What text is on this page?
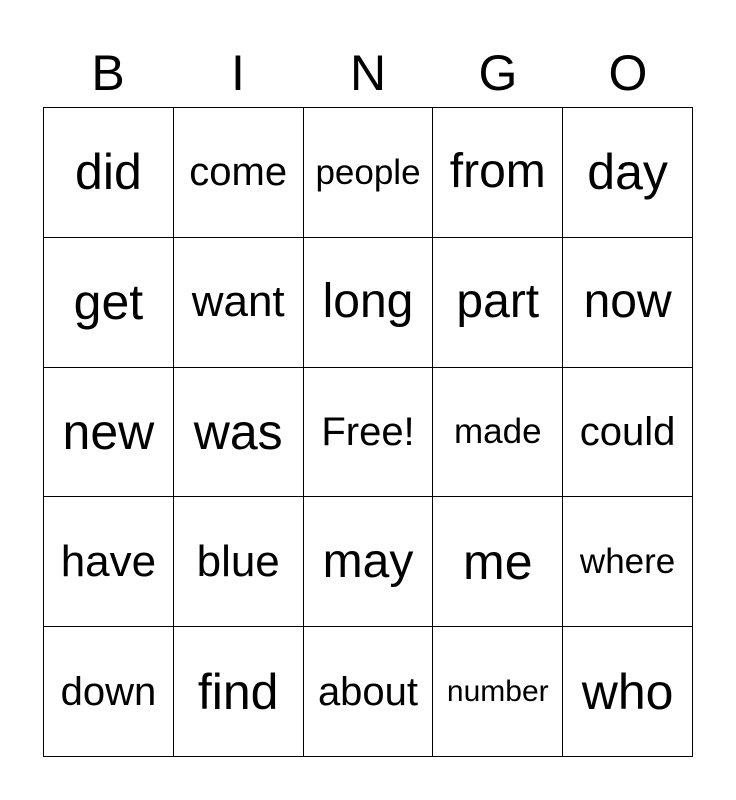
B	I	N	G	O
did	come people from day
get	want long part now
new was Free!	made could
have blue may me	where
down find about number who
